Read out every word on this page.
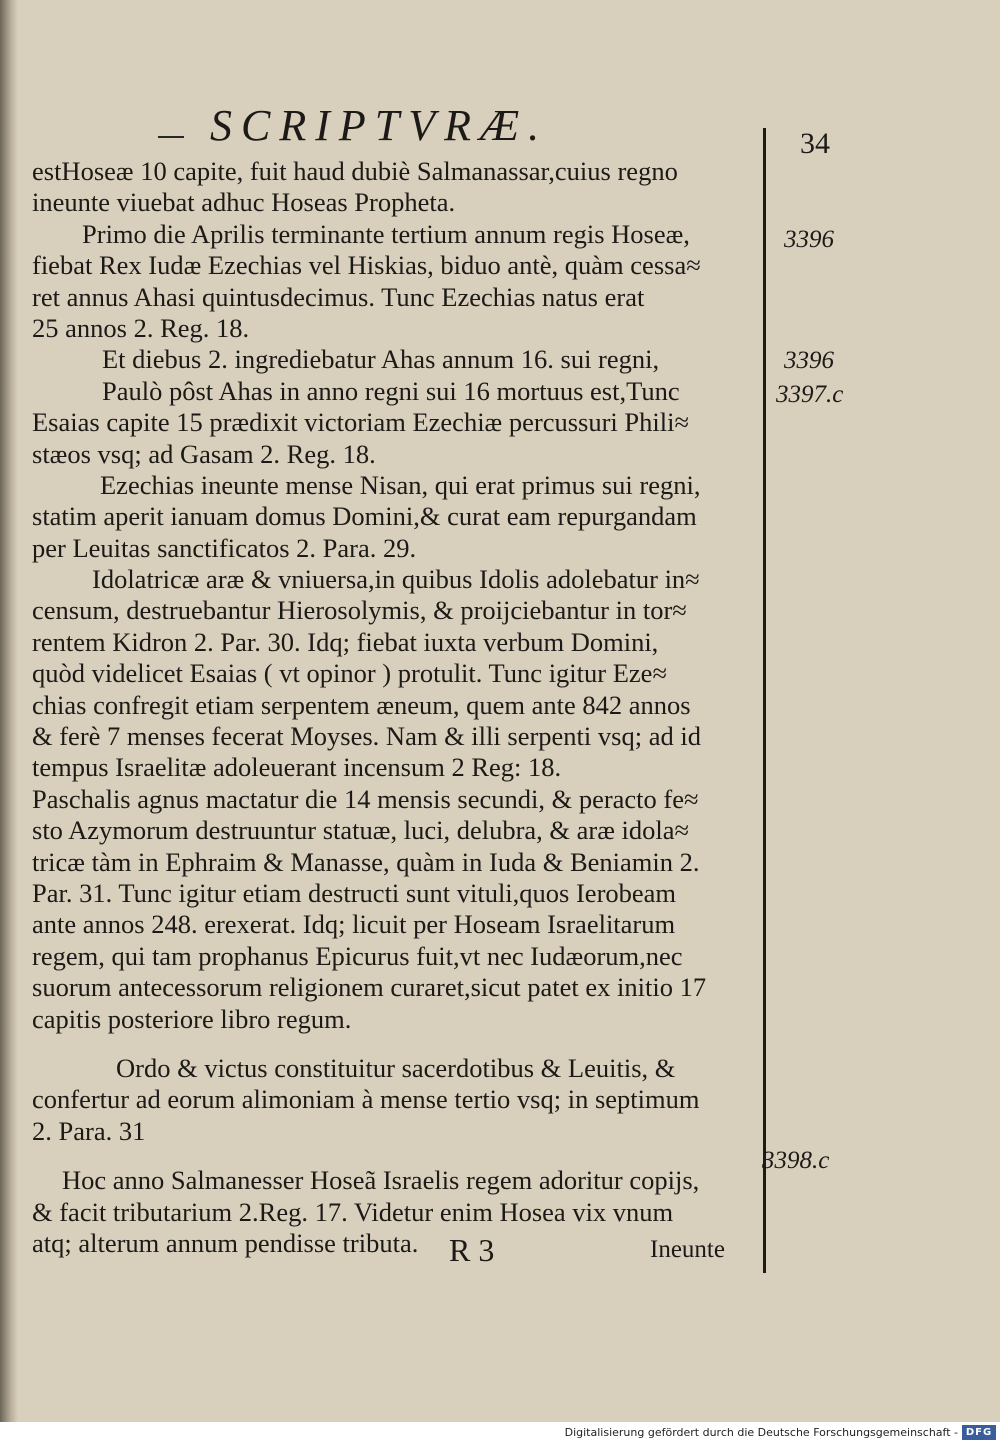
SCRIPTVRÆ.	34
estHoseæ 10 capite, fuit haud dubiè Salmanassar,cuius regno
ineunte viuebat adhuc Hoseas Propheta.
Primo die Aprilis terminante tertium annum regis Hoseæ,
fiebat Rex Iudæ Ezechias vel Hiskias, biduo antè, quàm cessa≈
ret annus Ahasi quintusdecimus. Tunc Ezechias natus erat
25 annos 2. Reg. 18.
Et diebus 2. ingrediebatur Ahas annum 16. sui regni,
Paulò pôst Ahas in anno regni sui 16 mortuus est,Tunc
Esaias capite 15 prædixit victoriam Ezechiæ percussuri Phili≈
stæos vsq; ad Gasam 2. Reg. 18.
Ezechias ineunte mense Nisan, qui erat primus sui regni,
statim aperit ianuam domus Domini,& curat eam repurgandam
per Leuitas sanctificatos 2. Para. 29.
Idolatricæ aræ & vniuersa,in quibus Idolis adolebatur in≈
censum, destruebantur Hierosolymis, & proijciebantur in tor≈
rentem Kidron 2. Par. 30. Idq; fiebat iuxta verbum Domini,
quòd videlicet Esaias ( vt opinor ) protulit. Tunc igitur Eze≈
chias confregit etiam serpentem æneum, quem ante 842 annos
& ferè 7 menses fecerat Moyses. Nam & illi serpenti vsq; ad id
tempus Israelitæ adoleuerant incensum 2 Reg: 18.
Paschalis agnus mactatur die 14 mensis secundi, & peracto fe≈
sto Azymorum destruuntur statuæ, luci, delubra, & aræ idola≈
tricæ tàm in Ephraim & Manasse, quàm in Iuda & Beniamin 2.
Par. 31. Tunc igitur etiam destructi sunt vituli,quos Ierobeam
ante annos 248. erexerat. Idq; licuit per Hoseam Israelitarum
regem, qui tam prophanus Epicurus fuit,vt nec Iudæorum,nec
suorum antecessorum religionem curaret,sicut patet ex initio 17
capitis posteriore libro regum.
Ordo & victus constituitur sacerdotibus & Leuitis, &
confertur ad eorum alimoniam à mense tertio vsq; in septimum
2. Para. 31
Hoc anno Salmanesser Hoseã Israelis regem adoritur copijs,
& facit tributarium 2.Reg. 17. Videtur enim Hosea vix vnum
atq; alterum annum pendisse tributa.
3396
3396
3397.c
3398.c
R 3	Ineunte
Digitalisierung gefördert durch die Deutsche Forschungsgemeinschaft - DFG
